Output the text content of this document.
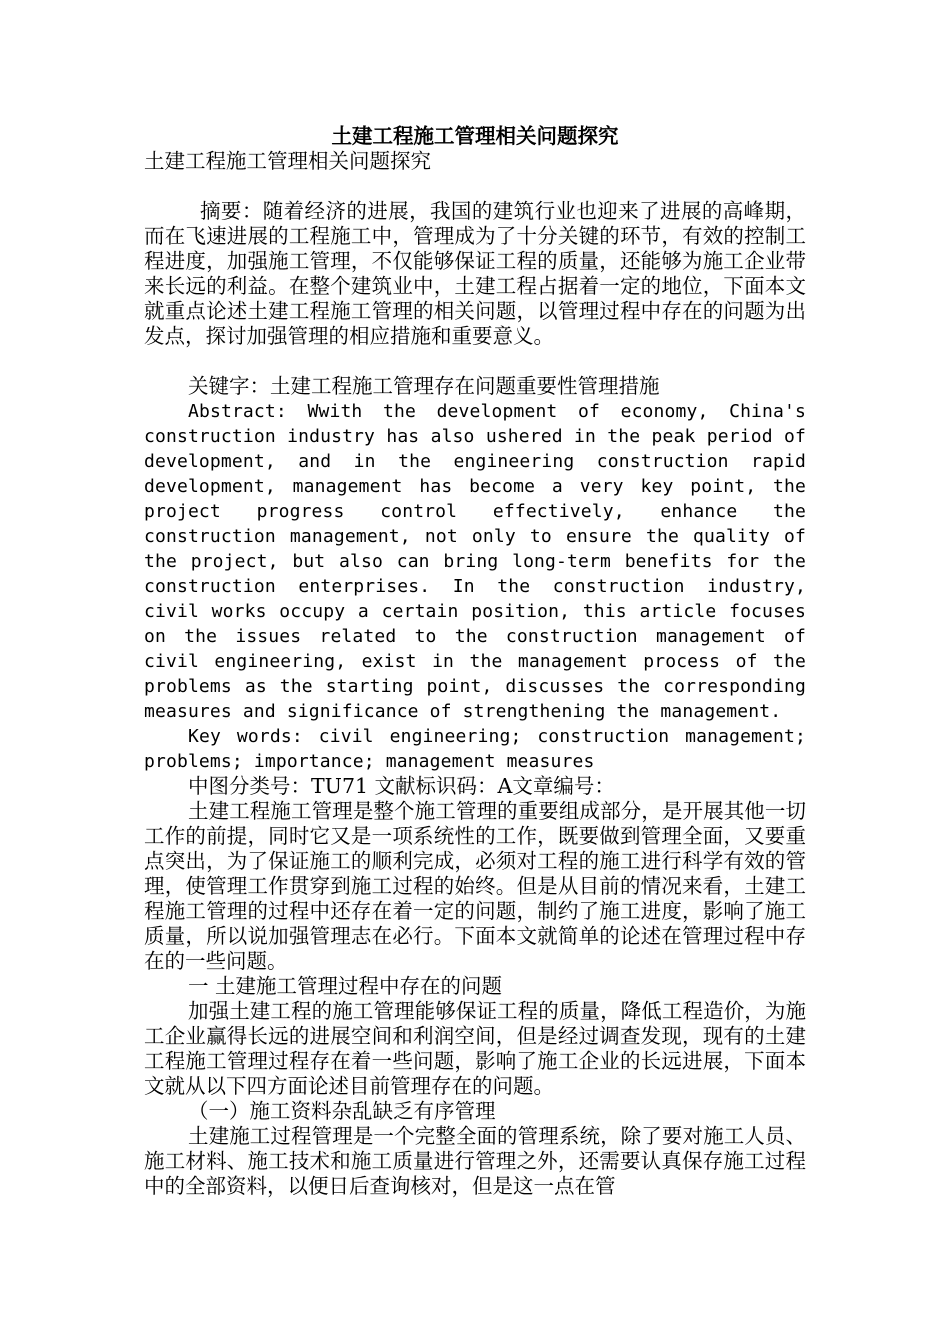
土建工程施工管理相关问题探究

土建工程施工管理相关问题探究

摘要：随着经济的进展，我国的建筑行业也迎来了进展的高峰期，而在飞速进展的工程施工中，管理成为了十分关键的环节，有效的控制工程进度，加强施工管理，不仅能够保证工程的质量，还能够为施工企业带来长远的利益。在整个建筑业中，土建工程占据着一定的地位，下面本文就重点论述土建工程施工管理的相关问题，以管理过程中存在的问题为出发点，探讨加强管理的相应措施和重要意义。

关键字：土建工程施工管理存在问题重要性管理措施

Abstract: Wwith the development of economy, China's construction industry has also ushered in the peak period of development, and in the engineering construction rapid development, management has become a very key point, the project progress control effectively, enhance the construction management, not only to ensure the quality of the project, but also can bring long-term benefits for the construction enterprises. In the construction industry, civil works occupy a certain position, this article focuses on the issues related to the construction management of civil engineering, exist in the management process of the problems as the starting point, discusses the corresponding measures and significance of strengthening the management.

Key words: civil engineering; construction management; problems; importance; management measures

中图分类号：TU71 文献标识码：A文章编号：

土建工程施工管理是整个施工管理的重要组成部分，是开展其他一切工作的前提，同时它又是一项系统性的工作，既要做到管理全面，又要重点突出，为了保证施工的顺利完成，必须对工程的施工进行科学有效的管理，使管理工作贯穿到施工过程的始终。但是从目前的情况来看，土建工程施工管理的过程中还存在着一定的问题，制约了施工进度，影响了施工质量，所以说加强管理志在必行。下面本文就简单的论述在管理过程中存在的一些问题。

一 土建施工管理过程中存在的问题

加强土建工程的施工管理能够保证工程的质量，降低工程造价，为施工企业赢得长远的进展空间和利润空间，但是经过调查发现，现有的土建工程施工管理过程存在着一些问题，影响了施工企业的长远进展，下面本文就从以下四方面论述目前管理存在的问题。

（一）施工资料杂乱缺乏有序管理

土建施工过程管理是一个完整全面的管理系统，除了要对施工人员、施工材料、施工技术和施工质量进行管理之外，还需要认真保存施工过程中的全部资料，以便日后查询核对，但是这一点在管
